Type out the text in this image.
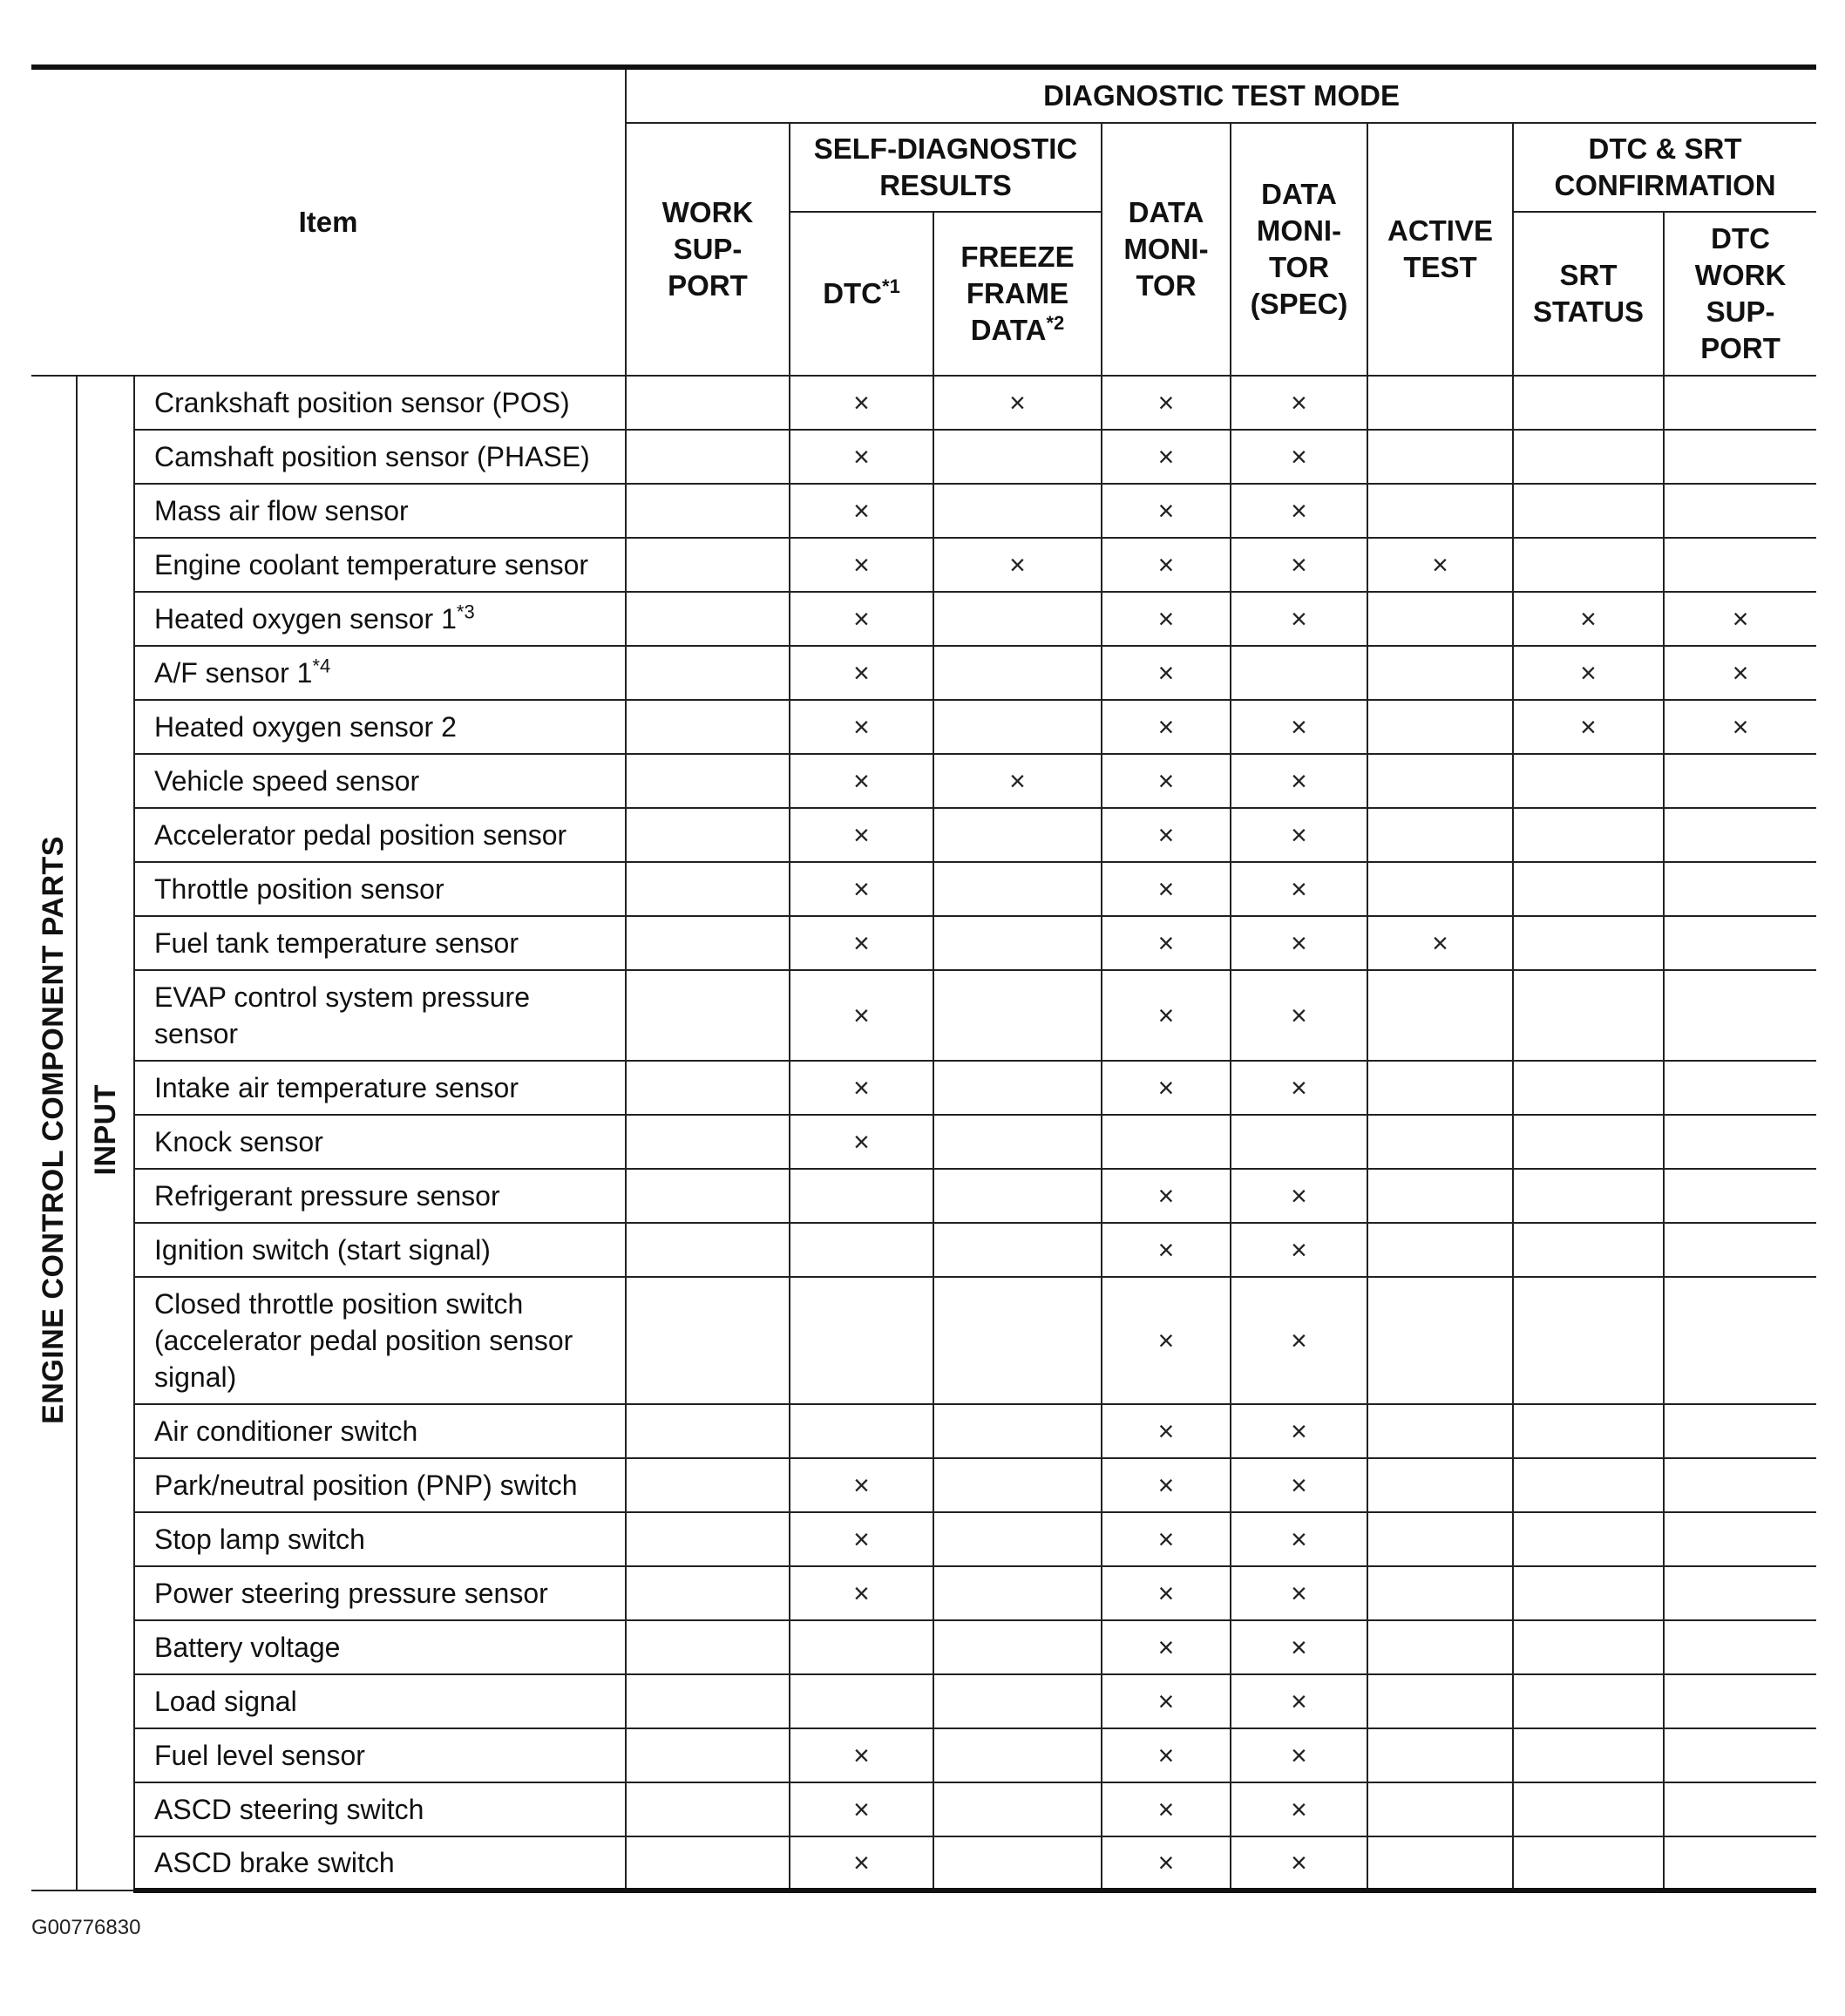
Item			DIAGNOSTIC TEST MODE							
			WORK SUP- PORT	SELF-DIAGNOSTIC RESULTS		DATA MONI- TOR	DATA MONI- TOR (SPEC)	ACTIVE TEST	DTC & SRT CONFIRMATION	
				DTC$^{*1}$	FREEZE FRAME DATA$^{*2}$				SRT STATUS	DTC WORK SUP- PORT
ENGINE CONTROL COMPONENT PARTS	INPUT	Crankshaft position sensor (POS)		×	×	×	×			
		Camshaft position sensor (PHASE)		×		×	×			
		Mass air flow sensor		×		×	×			
		Engine coolant temperature sensor		×	×	×	×	×		
		Heated oxygen sensor 1$^{*3}$		×		×	×		×	×
		A/F sensor 1$^{*4}$		×		×			×	×
		Heated oxygen sensor 2		×		×	×		×	×
		Vehicle speed sensor		×	×	×	×			
		Accelerator pedal position sensor		×		×	×			
		Throttle position sensor		×		×	×			
		Fuel tank temperature sensor		×		×	×	×		
		EVAP control system pressure sensor		×		×	×			
		Intake air temperature sensor		×		×	×			
		Knock sensor		×						
		Refrigerant pressure sensor				×	×			
		Ignition switch (start signal)				×	×			
		Closed throttle position switch (accelerator pedal position sensor signal)				×	×			
		Air conditioner switch				×	×			
		Park/neutral position (PNP) switch		×		×	×			
		Stop lamp switch		×		×	×			
		Power steering pressure sensor		×		×	×			
		Battery voltage				×	×			
		Load signal				×	×			
		Fuel level sensor		×		×	×			
		ASCD steering switch		×		×	×			
		ASCD brake switch		×		×	×			
G00776830
